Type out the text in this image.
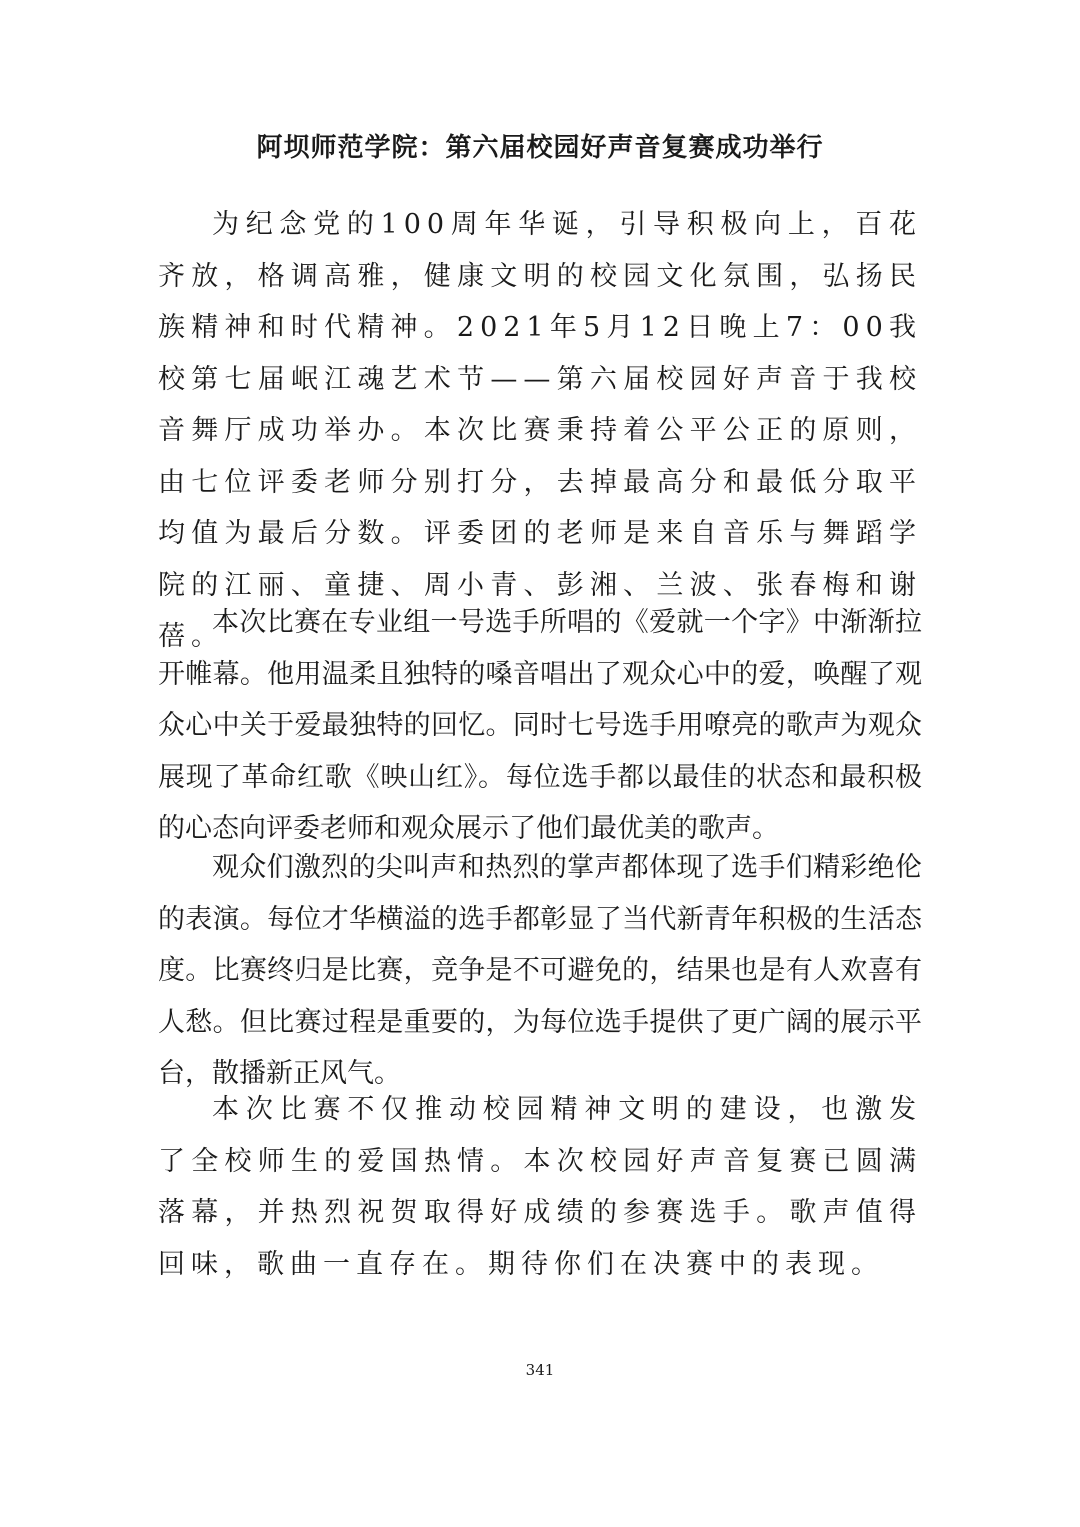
阿坝师范学院：第六届校园好声音复赛成功举行

为纪念党的100周年华诞，引导积极向上，百花齐放，格调高雅，健康文明的校园文化氛围，弘扬民族精神和时代精神。2021年5月12日晚上7：00我校第七届岷江魂艺术节——第六届校园好声音于我校音舞厅成功举办。本次比赛秉持着公平公正的原则，由七位评委老师分别打分，去掉最高分和最低分取平均值为最后分数。评委团的老师是来自音乐与舞蹈学院的江丽、童捷、周小青、彭湘、兰波、张春梅和谢蓓。

本次比赛在专业组一号选手所唱的《爱就一个字》中渐渐拉开帷幕。他用温柔且独特的嗓音唱出了观众心中的爱，唤醒了观众心中关于爱最独特的回忆。同时七号选手用嘹亮的歌声为观众展现了革命红歌《映山红》。每位选手都以最佳的状态和最积极的心态向评委老师和观众展示了他们最优美的歌声。

观众们激烈的尖叫声和热烈的掌声都体现了选手们精彩绝伦的表演。每位才华横溢的选手都彰显了当代新青年积极的生活态度。比赛终归是比赛，竞争是不可避免的，结果也是有人欢喜有人愁。但比赛过程是重要的，为每位选手提供了更广阔的展示平台，散播新正风气。

本次比赛不仅推动校园精神文明的建设，也激发了全校师生的爱国热情。本次校园好声音复赛已圆满落幕，并热烈祝贺取得好成绩的参赛选手。歌声值得回味，歌曲一直存在。期待你们在决赛中的表现。

341
